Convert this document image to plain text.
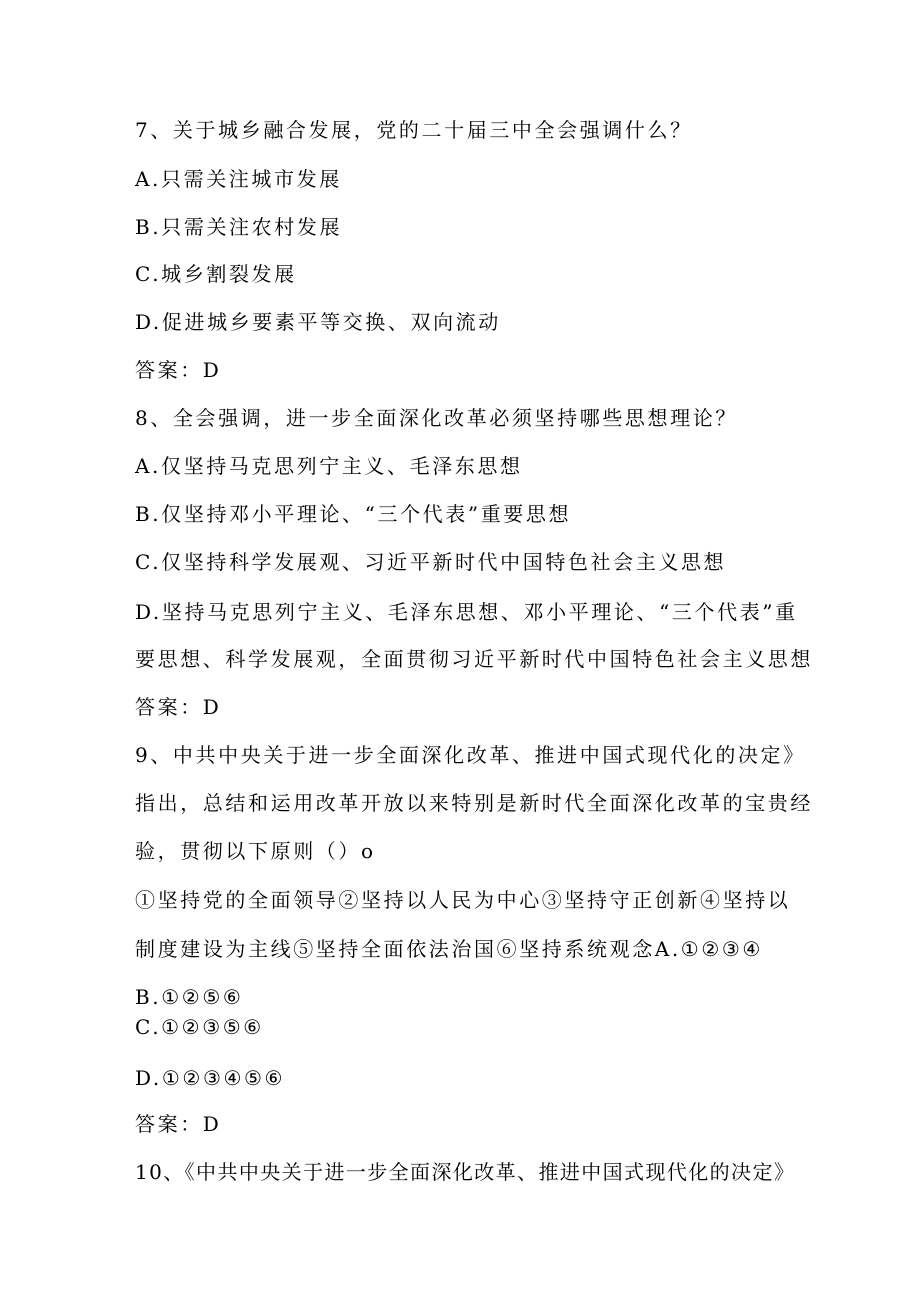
7、关于城乡融合发展，党的二十届三中全会强调什么？
A.只需关注城市发展
B.只需关注农村发展
C.城乡割裂发展
D.促进城乡要素平等交换、双向流动
答案：D
8、全会强调，进一步全面深化改革必须坚持哪些思想理论？
A.仅坚持马克思列宁主义、毛泽东思想
B.仅坚持邓小平理论、“三个代表”重要思想
C.仅坚持科学发展观、习近平新时代中国特色社会主义思想
D.坚持马克思列宁主义、毛泽东思想、邓小平理论、“三个代表”重
要思想、科学发展观，全面贯彻习近平新时代中国特色社会主义思想
答案：D
9、中共中央关于进一步全面深化改革、推进中国式现代化的决定》
指出，总结和运用改革开放以来特别是新时代全面深化改革的宝贵经
验，贯彻以下原则（）o
①坚持党的全面领导②坚持以人民为中心③坚持守正创新④坚持以
制度建设为主线⑤坚持全面依法治国⑥坚持系统观念A.①②③④
B.①②⑤⑥
C.①②③⑤⑥
D.①②③④⑤⑥
答案：D
10、《中共中央关于进一步全面深化改革、推进中国式现代化的决定》
